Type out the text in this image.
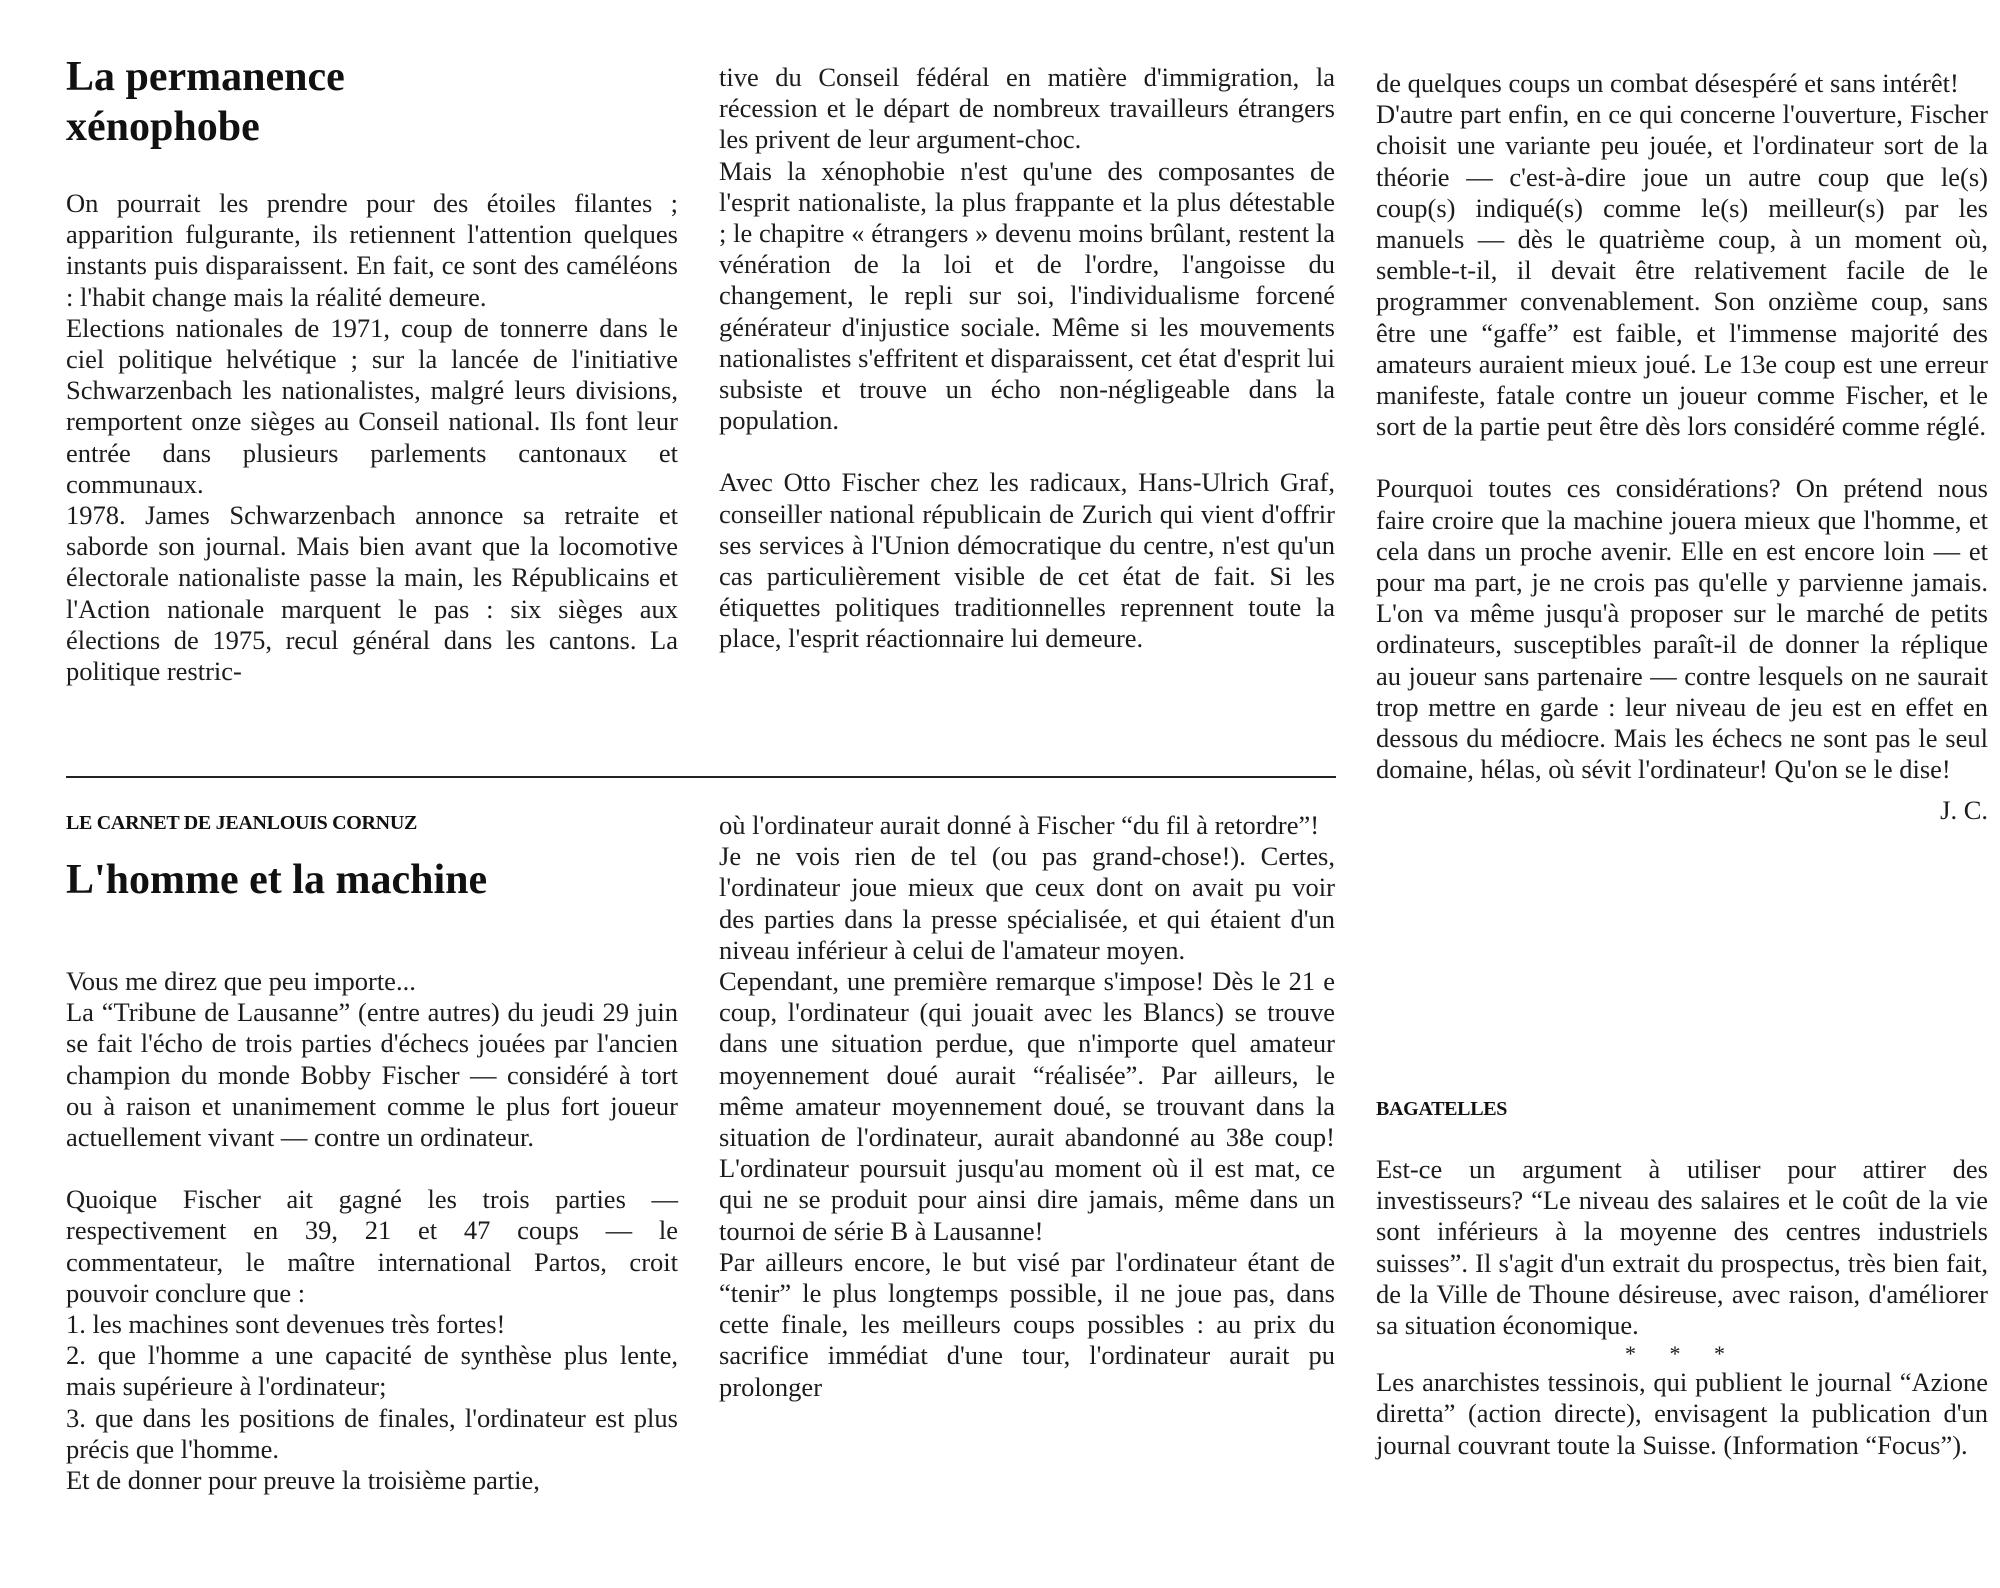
La permanence
xénophobe

On pourrait les prendre pour des étoiles filantes ; apparition fulgurante, ils retiennent l'attention quelques instants puis disparaissent. En fait, ce sont des caméléons : l'habit change mais la réalité demeure.

Elections nationales de 1971, coup de tonnerre dans le ciel politique helvétique ; sur la lancée de l'initiative Schwarzenbach les nationalistes, malgré leurs divisions, remportent onze sièges au Conseil national. Ils font leur entrée dans plusieurs parlements cantonaux et communaux.

1978. James Schwarzenbach annonce sa retraite et saborde son journal. Mais bien avant que la locomotive électorale nationaliste passe la main, les Républicains et l'Action nationale marquent le pas : six sièges aux élections de 1975, recul général dans les cantons. La politique restric-

tive du Conseil fédéral en matière d'immigration, la récession et le départ de nombreux travailleurs étrangers les privent de leur argument-choc.

Mais la xénophobie n'est qu'une des composantes de l'esprit nationaliste, la plus frappante et la plus détestable ; le chapitre « étrangers » devenu moins brûlant, restent la vénération de la loi et de l'ordre, l'angoisse du changement, le repli sur soi, l'individualisme forcené générateur d'injustice sociale. Même si les mouvements nationalistes s'effritent et disparaissent, cet état d'esprit lui subsiste et trouve un écho non-négligeable dans la population.

Avec Otto Fischer chez les radicaux, Hans-Ulrich Graf, conseiller national républicain de Zurich qui vient d'offrir ses services à l'Union démocratique du centre, n'est qu'un cas particulièrement visible de cet état de fait. Si les étiquettes politiques traditionnelles reprennent toute la place, l'esprit réactionnaire lui demeure.

LE CARNET DE JEANLOUIS CORNUZ
L'homme et la machine

Vous me direz que peu importe...

La “Tribune de Lausanne” (entre autres) du jeudi 29 juin se fait l'écho de trois parties d'échecs jouées par l'ancien champion du monde Bobby Fischer — considéré à tort ou à raison et unanimement comme le plus fort joueur actuellement vivant — contre un ordinateur.

Quoique Fischer ait gagné les trois parties — respectivement en 39, 21 et 47 coups — le commentateur, le maître international Partos, croit pouvoir conclure que :

1. les machines sont devenues très fortes!

2. que l'homme a une capacité de synthèse plus lente, mais supérieure à l'ordinateur;

3. que dans les positions de finales, l'ordinateur est plus précis que l'homme.

Et de donner pour preuve la troisième partie,

où l'ordinateur aurait donné à Fischer “du fil à retordre”!

Je ne vois rien de tel (ou pas grand-chose!). Certes, l'ordinateur joue mieux que ceux dont on avait pu voir des parties dans la presse spécialisée, et qui étaient d'un niveau inférieur à celui de l'amateur moyen.

Cependant, une première remarque s'impose! Dès le 21 e coup, l'ordinateur (qui jouait avec les Blancs) se trouve dans une situation perdue, que n'importe quel amateur moyennement doué aurait “réalisée”. Par ailleurs, le même amateur moyennement doué, se trouvant dans la situation de l'ordinateur, aurait abandonné au 38e coup! L'ordinateur poursuit jusqu'au moment où il est mat, ce qui ne se produit pour ainsi dire jamais, même dans un tournoi de série B à Lausanne!

Par ailleurs encore, le but visé par l'ordinateur étant de “tenir” le plus longtemps possible, il ne joue pas, dans cette finale, les meilleurs coups possibles : au prix du sacrifice immédiat d'une tour, l'ordinateur aurait pu prolonger

de quelques coups un combat désespéré et sans intérêt!

D'autre part enfin, en ce qui concerne l'ouverture, Fischer choisit une variante peu jouée, et l'ordinateur sort de la théorie — c'est-à-dire joue un autre coup que le(s) coup(s) indiqué(s) comme le(s) meilleur(s) par les manuels — dès le quatrième coup, à un moment où, semble-t-il, il devait être relativement facile de le programmer convenablement. Son onzième coup, sans être une “gaffe” est faible, et l'immense majorité des amateurs auraient mieux joué. Le 13e coup est une erreur manifeste, fatale contre un joueur comme Fischer, et le sort de la partie peut être dès lors considéré comme réglé.

Pourquoi toutes ces considérations? On prétend nous faire croire que la machine jouera mieux que l'homme, et cela dans un proche avenir. Elle en est encore loin — et pour ma part, je ne crois pas qu'elle y parvienne jamais. L'on va même jusqu'à proposer sur le marché de petits ordinateurs, susceptibles paraît-il de donner la réplique au joueur sans partenaire — contre lesquels on ne saurait trop mettre en garde : leur niveau de jeu est en effet en dessous du médiocre. Mais les échecs ne sont pas le seul domaine, hélas, où sévit l'ordinateur! Qu'on se le dise!

J. C.
BAGATELLES

Est-ce un argument à utiliser pour attirer des investisseurs? “Le niveau des salaires et le coût de la vie sont inférieurs à la moyenne des centres industriels suisses”. Il s'agit d'un extrait du prospectus, très bien fait, de la Ville de Thoune désireuse, avec raison, d'améliorer sa situation économique.

* * *

Les anarchistes tessinois, qui publient le journal “Azione diretta” (action directe), envisagent la publication d'un journal couvrant toute la Suisse. (Information “Focus”).
